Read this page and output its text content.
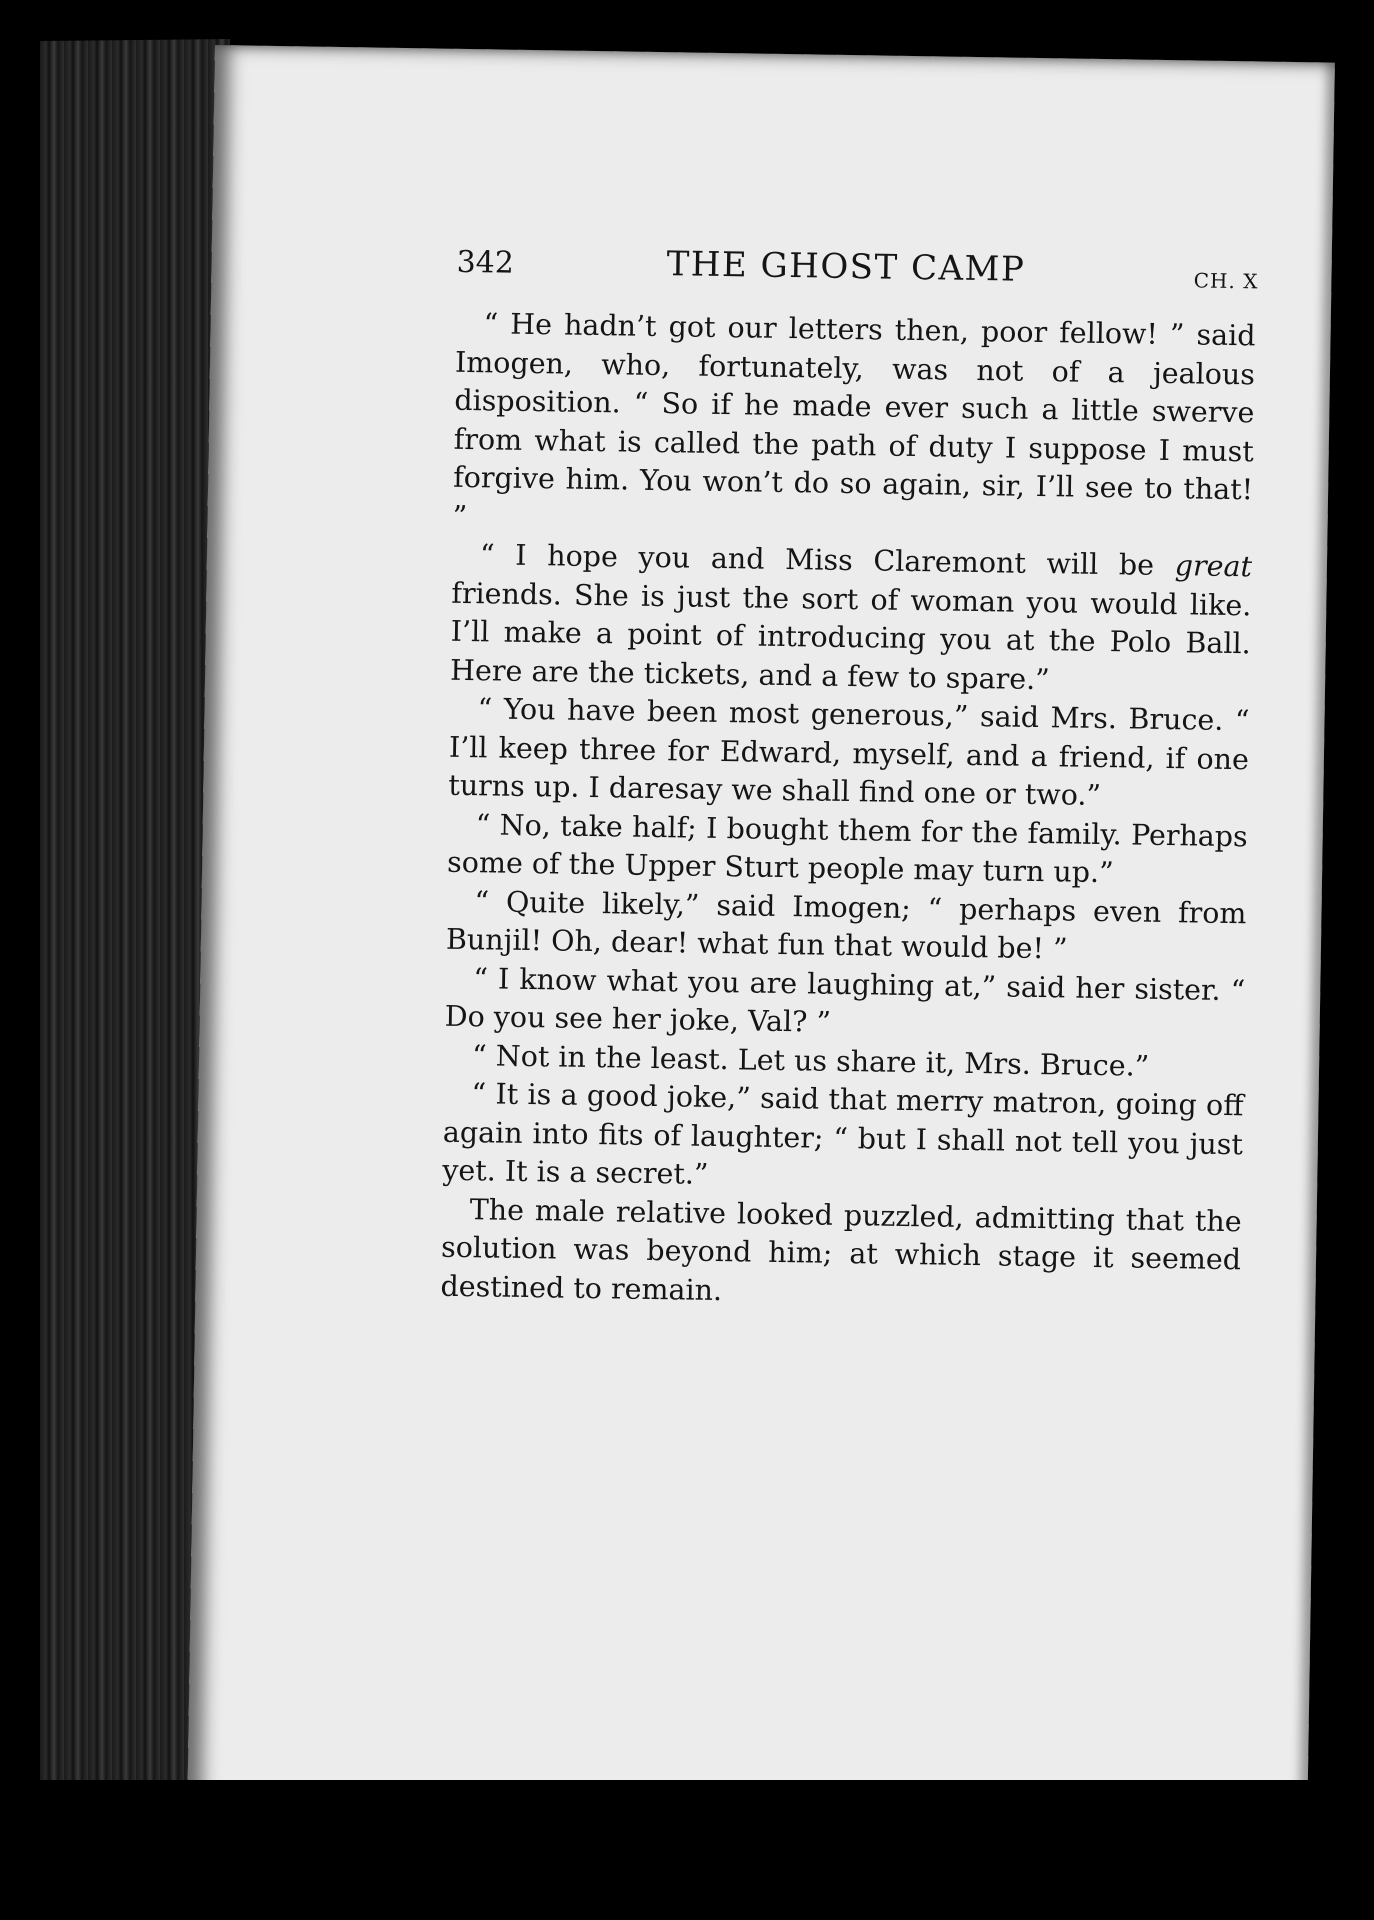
342	THE GHOST CAMP	CH. X

“ He hadn’t got our letters then, poor fellow! ” said Imogen, who, fortunately, was not of a jealous disposition. “ So if he made ever such a little swerve from what is called the path of duty I suppose I must forgive him. You won’t do so again, sir, I’ll see to that! ”

“ I hope you and Miss Claremont will be great friends. She is just the sort of woman you would like. I’ll make a point of introducing you at the Polo Ball. Here are the tickets, and a few to spare.”

“ You have been most generous,” said Mrs. Bruce. “ I’ll keep three for Edward, myself, and a friend, if one turns up. I daresay we shall find one or two.”

“ No, take half; I bought them for the family. Perhaps some of the Upper Sturt people may turn up.”

“ Quite likely,” said Imogen; “ perhaps even from Bunjil! Oh, dear! what fun that would be! ”

“ I know what you are laughing at,” said her sister. “ Do you see her joke, Val? ”

“ Not in the least. Let us share it, Mrs. Bruce.”

“ It is a good joke,” said that merry matron, going off again into fits of laughter; “ but I shall not tell you just yet. It is a secret.”

The male relative looked puzzled, admitting that the solution was beyond him; at which stage it seemed destined to remain.
